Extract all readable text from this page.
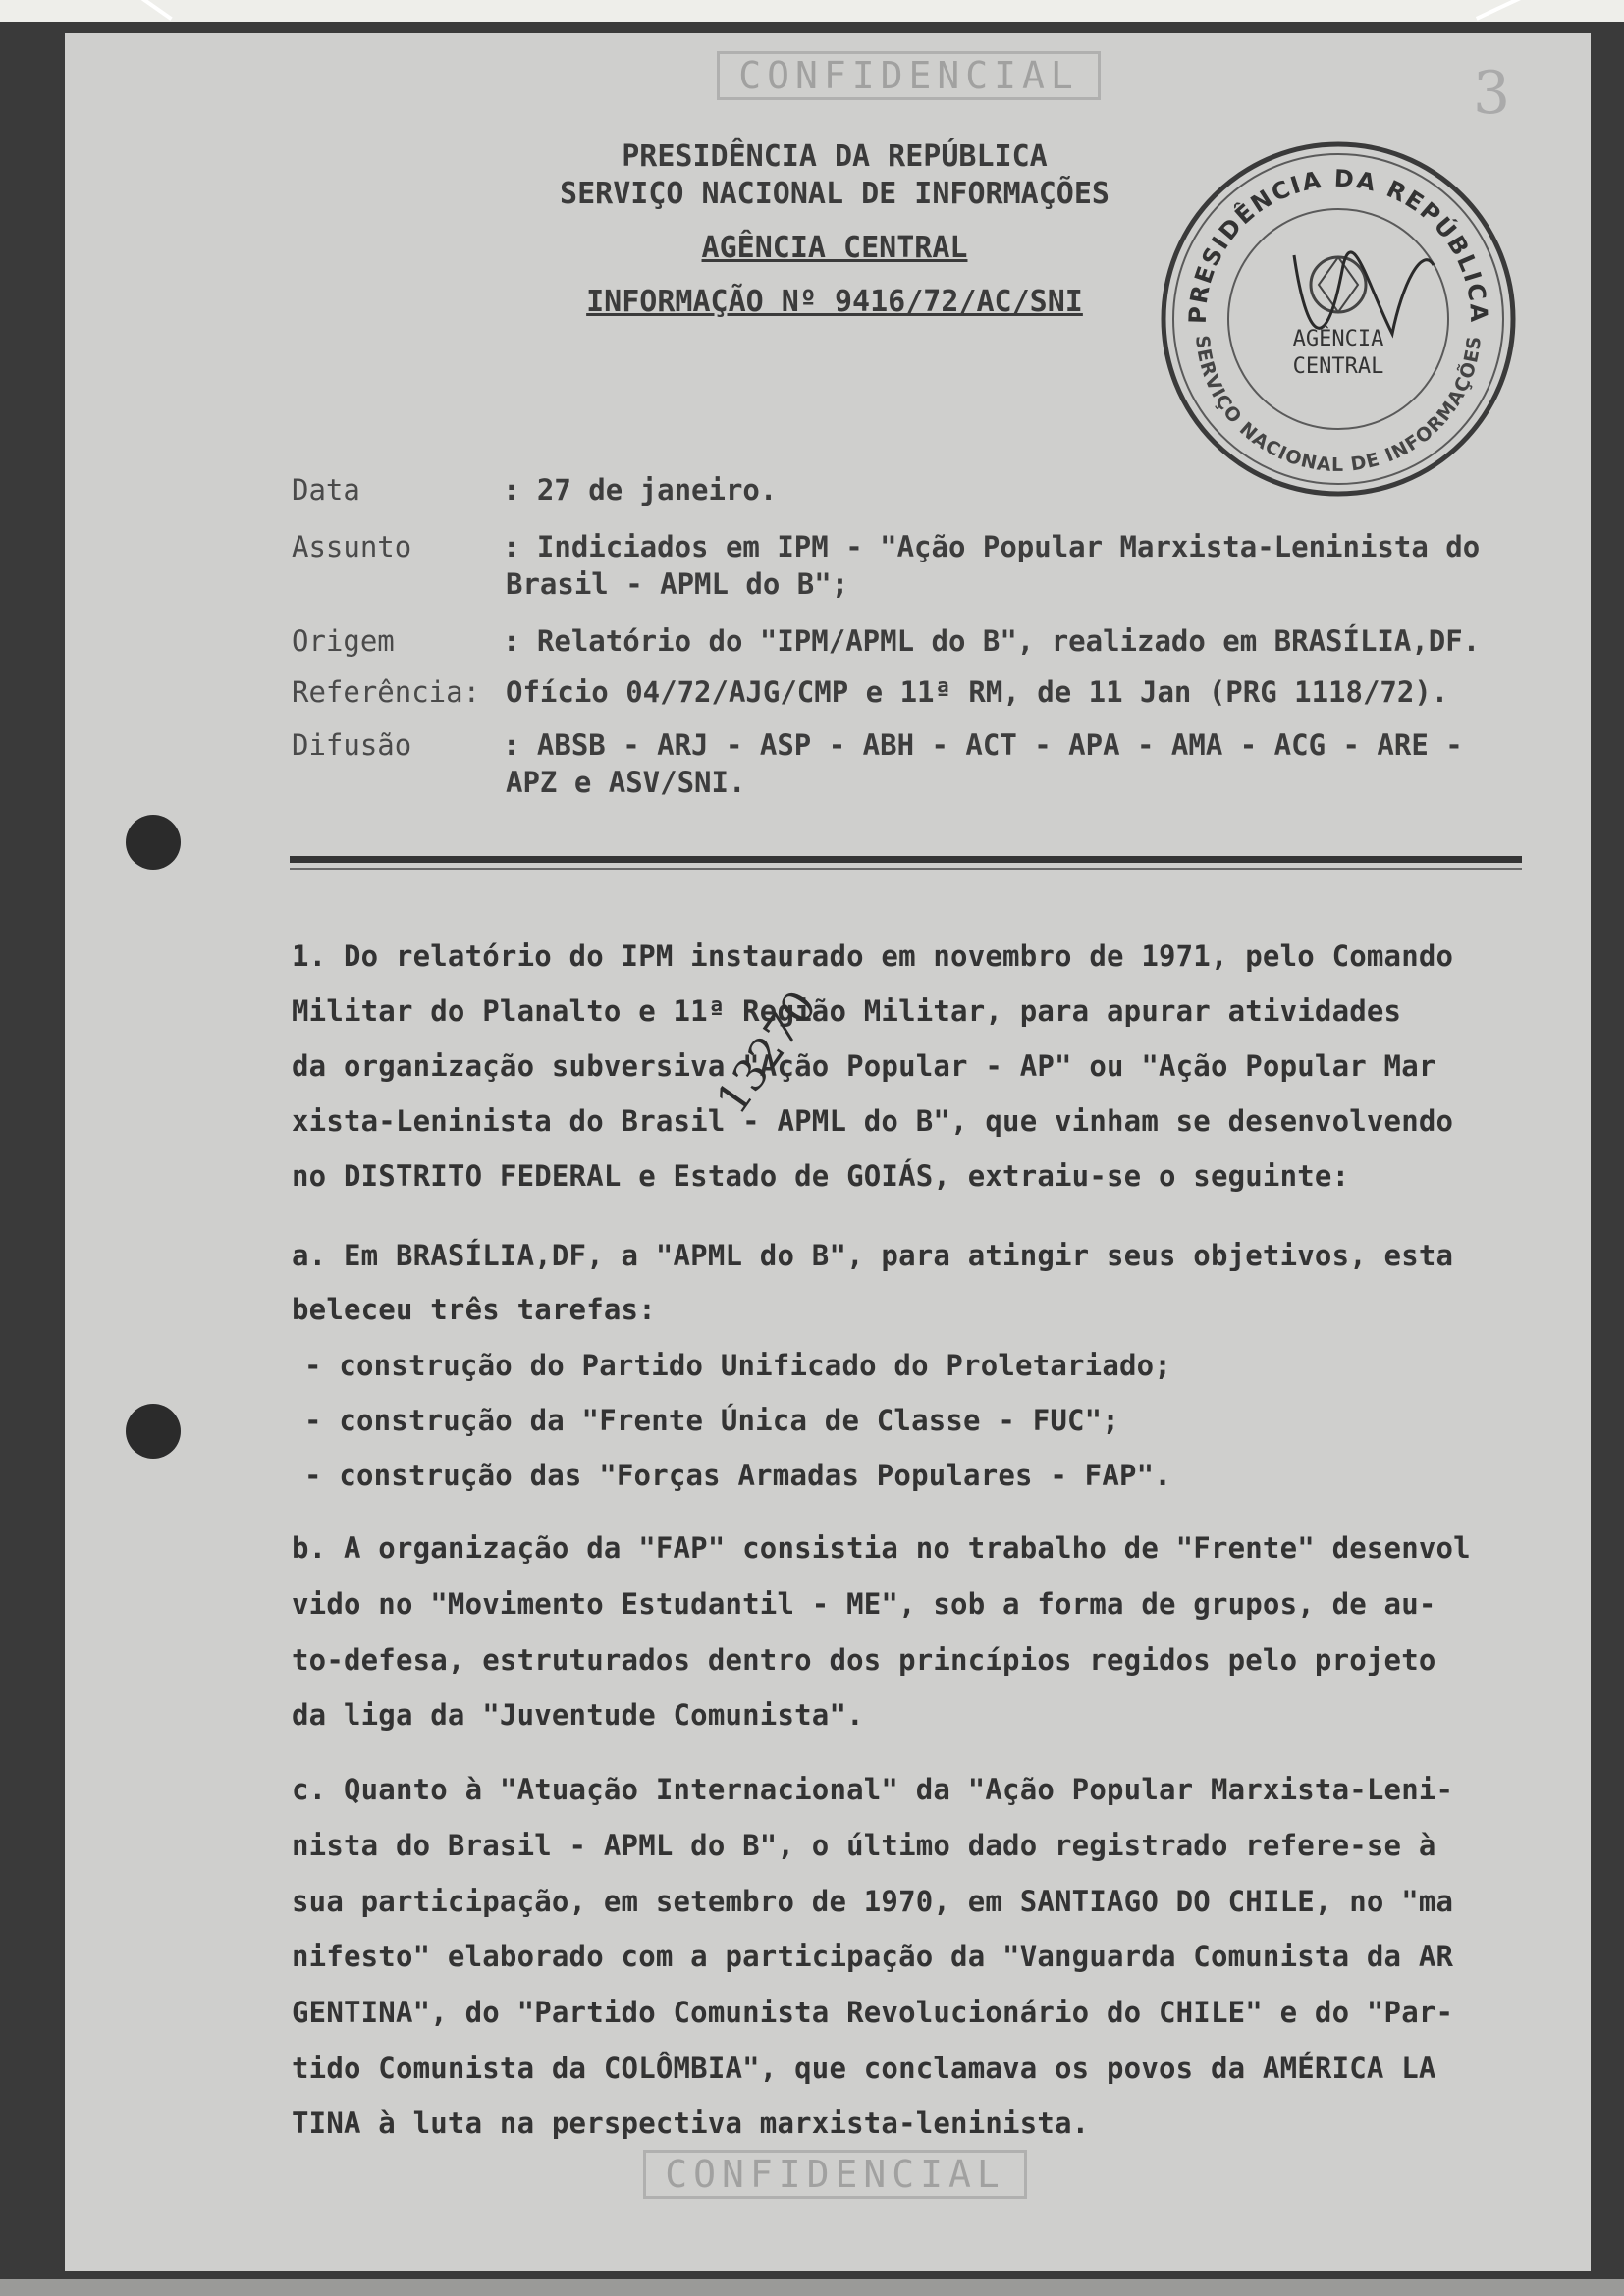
CONFIDENCIAL
CONFIDENCIAL
3
PRESIDÊNCIA DA REPÚBLICA
SERVIÇO NACIONAL DE INFORMAÇÕES
AGÊNCIA CENTRAL
INFORMAÇÃO Nº 9416/72/AC/SNI	PRESIDÊNCIA DA REPÚBLICA
SERVIÇO NACIONAL DE INFORMAÇÕES
AGÊNCIA
CENTRAL
Data	: 27 de janeiro.
Assunto	: Indiciados em IPM - "Ação Popular Marxista-Leninista do
Brasil - APML do B";
Origem	: Relatório do "IPM/APML do B", realizado em BRASÍLIA,DF.
Referência: Ofício 04/72/AJG/CMP e 11ª RM, de 11 Jan (PRG 1118/72).
Difusão	: ABSB - ARJ - ASP - ABH - ACT - APA - AMA - ACG - ARE -
APZ e ASV/SNI.
1. Do relatório do IPM instaurado em novembro de 1971, pelo Comando
Militar do Planalto e 11ª Região Militar, para apurar atividades
da organização subversiva "Ação Popular - AP" ou "Ação Popular Mar
xista-Leninista do Brasil - APML do B", que vinham se desenvolvendo
no DISTRITO FEDERAL e Estado de GOIÁS, extraiu-se o seguinte:
a. Em BRASÍLIA,DF, a "APML do B", para atingir seus objetivos, esta
beleceu três tarefas:
- construção do Partido Unificado do Proletariado;
- construção da "Frente Única de Classe - FUC";
- construção das "Forças Armadas Populares - FAP".
b. A organização da "FAP" consistia no trabalho de "Frente" desenvol
vido no "Movimento Estudantil - ME", sob a forma de grupos, de au-
to-defesa, estruturados dentro dos princípios regidos pelo projeto
da liga da "Juventude Comunista".
c. Quanto à "Atuação Internacional" da "Ação Popular Marxista-Leni-
nista do Brasil - APML do B", o último dado registrado refere-se à
sua participação, em setembro de 1970, em SANTIAGO DO CHILE, no "ma
nifesto" elaborado com a participação da "Vanguarda Comunista da AR
GENTINA", do "Partido Comunista Revolucionário do CHILE" e do "Par-
tido Comunista da COLÔMBIA", que conclamava os povos da AMÉRICA LA
TINA à luta na perspectiva marxista-leninista.
13270
